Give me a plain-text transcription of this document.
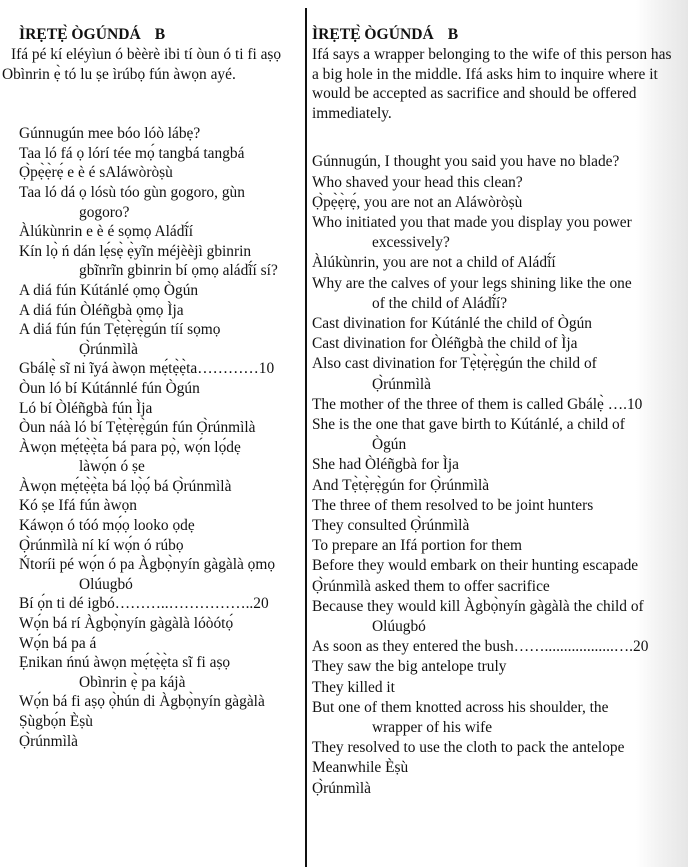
ÌRẸTẸ̀ ÒGÚNDÁ B

Ifá pé kí eléyìun ó bèèrè ibi tí òun ó ti fi aṣọ Obìnrin ẹ̀ tó lu ṣe ìrúbọ fún àwọn ayé.

Gúnnugún mee bóo lóò lábẹ?
Taa ló fá ọ lórí tée mọ́ tangbá tangbá
Ọ̀pẹ̀ẹ̀rẹ́ e è é sAláwòròṣù
Taa ló dá ọ lósù tóo gùn gogoro, gùn
gogoro?
Àlúkùnrin e è é sọmọ Aládĩ́í
Kín lọ̀ ń dán lẹ́sẹ̀ ẹ̀yĩn méjèèjì gbinrin
gbĩnrĩn gbinrin bí ọmọ aládĩ́í sí?
A diá fún Kútánlé ọmọ Ògún
A diá fún Òléñgbà ọmọ Ìja
A diá fún fún Tẹ̀tẹ̀rẹ̀gún tíí sọmọ
Ọ̀rúnmìlà
Gbálẹ̀ sĩ ni ĩyá àwọn mẹ́tẹ̀ẹ̀ta…………10
Òun ló bí Kútánnlé fún Ògún
Ló bí Òléñgbà fún Ìja
Òun náà ló bí Tẹ̀tẹ̀rẹ̀gún fún Ọ̀rúnmìlà
Àwọn mẹ́tẹ̀ẹ̀ta bá para pọ̀, wọ́n lọ́dẹ
làwọ́n ó ṣe
Àwọn mẹ́tẹ̀ẹ̀ta bá lọ̀ọ́ bá Ọ̀rúnmìlà
Kó ṣe Ifá fún àwọn
Káwọn ó tóó mọ́ọ looko ọdẹ
Ọ̀rúnmìlà ní kí wọ́n ó rúbọ
Ńtoríi pé wọ́n ó pa Àgbọ̀nyín gàgàlà ọmọ
Olúugbó
Bí ọ́n ti dé igbó………..……………..20
Wọ́n bá rí Àgbọ̀nyín gàgàlà lóòótọ́
Wọ́n bá pa á
Ẹnikan ńnú àwọn mẹ́tẹ̀ẹ̀ta sĩ fi aṣọ
Obìnrin ẹ̀ pa kájà
Wọ́n bá fi aṣọ ọ̀hún di Àgbọ̀nyín gàgàlà
Ṣùgbọ́n Èṣù
Ọ̀rúnmìlà
ÌRẸTẸ̀ ÒGÚNDÁ B

Ifá says a wrapper belonging to the wife of this person has a big hole in the middle. Ifá asks him to inquire where it would be accepted as sacrifice and should be offered immediately.

Gúnnugún, I thought you said you have no blade?
Who shaved your head this clean?
Ọ̀pẹ̀ẹ̀rẹ́, you are not an Aláwòròṣù
Who initiated you that made you display you power
excessively?
Àlúkùnrin, you are not a child of Aládĩ́í
Why are the calves of your legs shining like the one
of the child of Aládĩ́í?
Cast divination for Kútánlé the child of Ògún
Cast divination for Òléñgbà the child of Ìja
Also cast divination for Tẹ̀tẹ̀rẹ̀gún the child of
Ọ̀rúnmìlà
The mother of the three of them is called Gbálẹ̀ ….10
She is the one that gave birth to Kútánlé, a child of
Ògún
She had Òléñgbà for Ìja
And Tẹ̀tẹ̀rẹ̀gún for Ọ̀rúnmìlà
The three of them resolved to be joint hunters
They consulted Ọ̀rúnmìlà
To prepare an Ifá portion for them
Before they would embark on their hunting escapade
Ọ̀rúnmìlà asked them to offer sacrifice
Because they would kill Àgbọ̀nyín gàgàlà the child of
Olúugbó
As soon as they entered the bush……..................….20
They saw the big antelope truly
They killed it
But one of them knotted across his shoulder, the
wrapper of his wife
They resolved to use the cloth to pack the antelope
Meanwhile Èṣù
Ọ̀rúnmìlà
